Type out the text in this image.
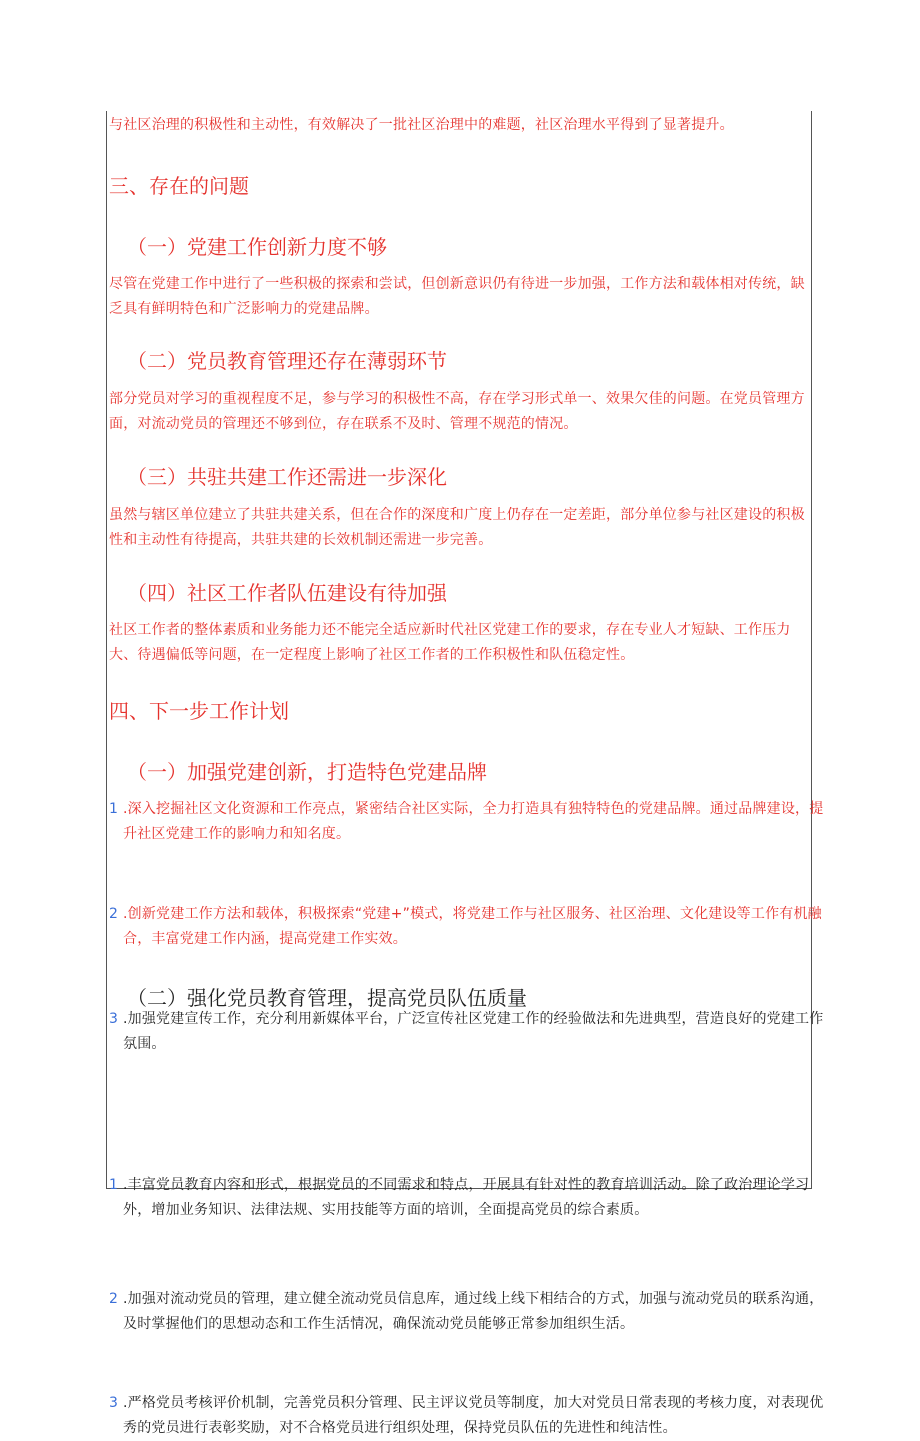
与社区治理的积极性和主动性，有效解决了一批社区治理中的难题，社区治理水平得到了显著提升。

三、存在的问题
（一）党建工作创新力度不够

尽管在党建工作中进行了一些积极的探索和尝试，但创新意识仍有待进一步加强，工作方法和载体相对传统，缺乏具有鲜明特色和广泛影响力的党建品牌。

（二）党员教育管理还存在薄弱环节

部分党员对学习的重视程度不足，参与学习的积极性不高，存在学习形式单一、效果欠佳的问题。在党员管理方面，对流动党员的管理还不够到位，存在联系不及时、管理不规范的情况。

（三）共驻共建工作还需进一步深化

虽然与辖区单位建立了共驻共建关系，但在合作的深度和广度上仍存在一定差距，部分单位参与社区建设的积极性和主动性有待提高，共驻共建的长效机制还需进一步完善。

（四）社区工作者队伍建设有待加强

社区工作者的整体素质和业务能力还不能完全适应新时代社区党建工作的要求，存在专业人才短缺、工作压力大、待遇偏低等问题，在一定程度上影响了社区工作者的工作积极性和队伍稳定性。

四、下一步工作计划
（一）加强党建创新，打造特色党建品牌
1 .深入挖掘社区文化资源和工作亮点，紧密结合社区实际，全力打造具有独特特色的党建品牌。通过品牌建设，提升社区党建工作的影响力和知名度。
2 .创新党建工作方法和载体，积极探索“党建+”模式，将党建工作与社区服务、社区治理、文化建设等工作有机融合，丰富党建工作内涵，提高党建工作实效。
3 .加强党建宣传工作，充分利用新媒体平台，广泛宣传社区党建工作的经验做法和先进典型，营造良好的党建工作氛围。
（二）强化党员教育管理，提高党员队伍质量
1 .丰富党员教育内容和形式，根据党员的不同需求和特点，开展具有针对性的教育培训活动。除了政治理论学习外，增加业务知识、法律法规、实用技能等方面的培训，全面提高党员的综合素质。
2 .加强对流动党员的管理，建立健全流动党员信息库，通过线上线下相结合的方式，加强与流动党员的联系沟通，及时掌握他们的思想动态和工作生活情况，确保流动党员能够正常参加组织生活。
3 .严格党员考核评价机制，完善党员积分管理、民主评议党员等制度，加大对党员日常表现的考核力度，对表现优秀的党员进行表彰奖励，对不合格党员进行组织处理，保持党员队伍的先进性和纯洁性。
